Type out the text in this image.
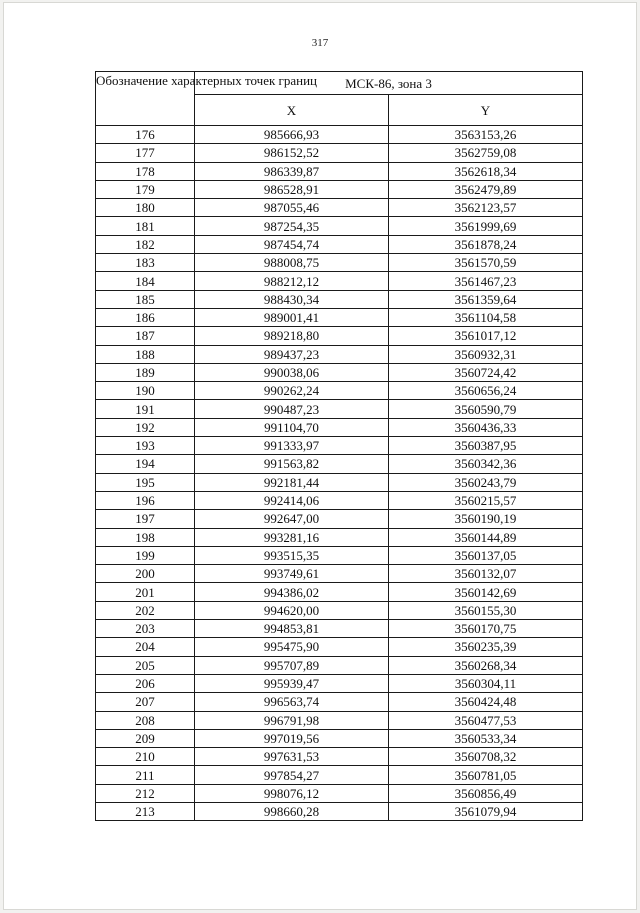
317
Обозначение характерных точек границ	МСК-86, зона 3	
	X	Y
176	985666,93	3563153,26
177	986152,52	3562759,08
178	986339,87	3562618,34
179	986528,91	3562479,89
180	987055,46	3562123,57
181	987254,35	3561999,69
182	987454,74	3561878,24
183	988008,75	3561570,59
184	988212,12	3561467,23
185	988430,34	3561359,64
186	989001,41	3561104,58
187	989218,80	3561017,12
188	989437,23	3560932,31
189	990038,06	3560724,42
190	990262,24	3560656,24
191	990487,23	3560590,79
192	991104,70	3560436,33
193	991333,97	3560387,95
194	991563,82	3560342,36
195	992181,44	3560243,79
196	992414,06	3560215,57
197	992647,00	3560190,19
198	993281,16	3560144,89
199	993515,35	3560137,05
200	993749,61	3560132,07
201	994386,02	3560142,69
202	994620,00	3560155,30
203	994853,81	3560170,75
204	995475,90	3560235,39
205	995707,89	3560268,34
206	995939,47	3560304,11
207	996563,74	3560424,48
208	996791,98	3560477,53
209	997019,56	3560533,34
210	997631,53	3560708,32
211	997854,27	3560781,05
212	998076,12	3560856,49
213	998660,28	3561079,94
